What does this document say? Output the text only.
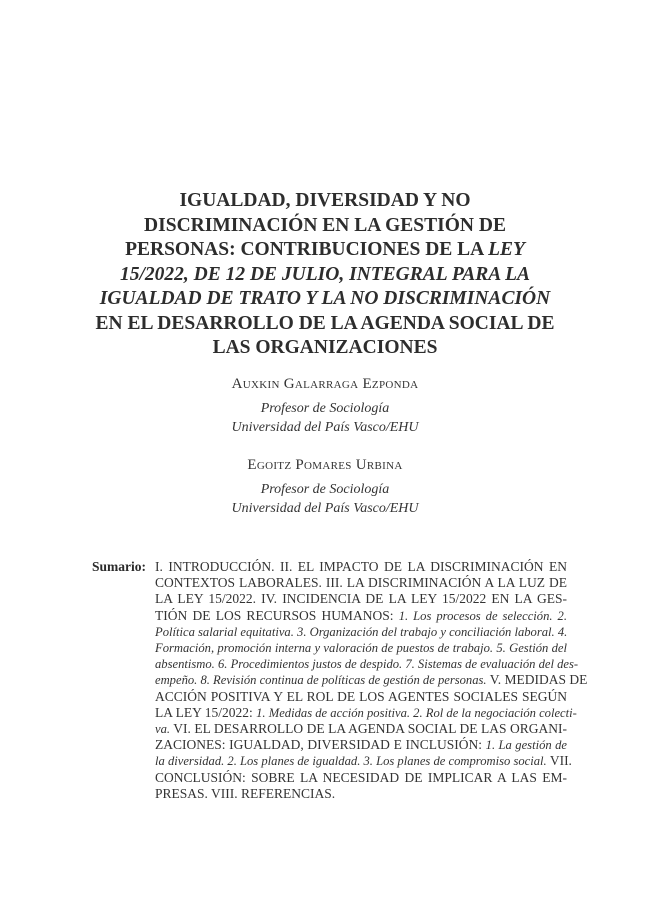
IGUALDAD, DIVERSIDAD Y NO
DISCRIMINACIÓN EN LA GESTIÓN DE
PERSONAS: CONTRIBUCIONES DE LA LEY
15/2022, DE 12 DE JULIO, INTEGRAL PARA LA
IGUALDAD DE TRATO Y LA NO DISCRIMINACIÓN
EN EL DESARROLLO DE LA AGENDA SOCIAL DE
LAS ORGANIZACIONES
Auxkin Galarraga Ezponda
Profesor de Sociología
Universidad del País Vasco/EHU
Egoitz Pomares Urbina
Profesor de Sociología
Universidad del País Vasco/EHU
Sumario: I. INTRODUCCIÓN. II. EL IMPACTO DE LA DISCRIMINACIÓN EN
CONTEXTOS LABORALES. III. LA DISCRIMINACIÓN A LA LUZ DE
LA LEY 15/2022. IV. INCIDENCIA DE LA LEY 15/2022 EN LA GES-
TIÓN DE LOS RECURSOS HUMANOS: 1. Los procesos de selección. 2.
Política salarial equitativa. 3. Organización del trabajo y conciliación laboral. 4.
Formación, promoción interna y valoración de puestos de trabajo. 5. Gestión del
absentismo. 6. Procedimientos justos de despido. 7. Sistemas de evaluación del des-
empeño. 8. Revisión continua de políticas de gestión de personas. V. MEDIDAS DE
ACCIÓN POSITIVA Y EL ROL DE LOS AGENTES SOCIALES SEGÚN
LA LEY 15/2022: 1. Medidas de acción positiva. 2. Rol de la negociación colecti-
va. VI. EL DESARROLLO DE LA AGENDA SOCIAL DE LAS ORGANI-
ZACIONES: IGUALDAD, DIVERSIDAD E INCLUSIÓN: 1. La gestión de
la diversidad. 2. Los planes de igualdad. 3. Los planes de compromiso social. VII.
CONCLUSIÓN: SOBRE LA NECESIDAD DE IMPLICAR A LAS EM-
PRESAS. VIII. REFERENCIAS.
